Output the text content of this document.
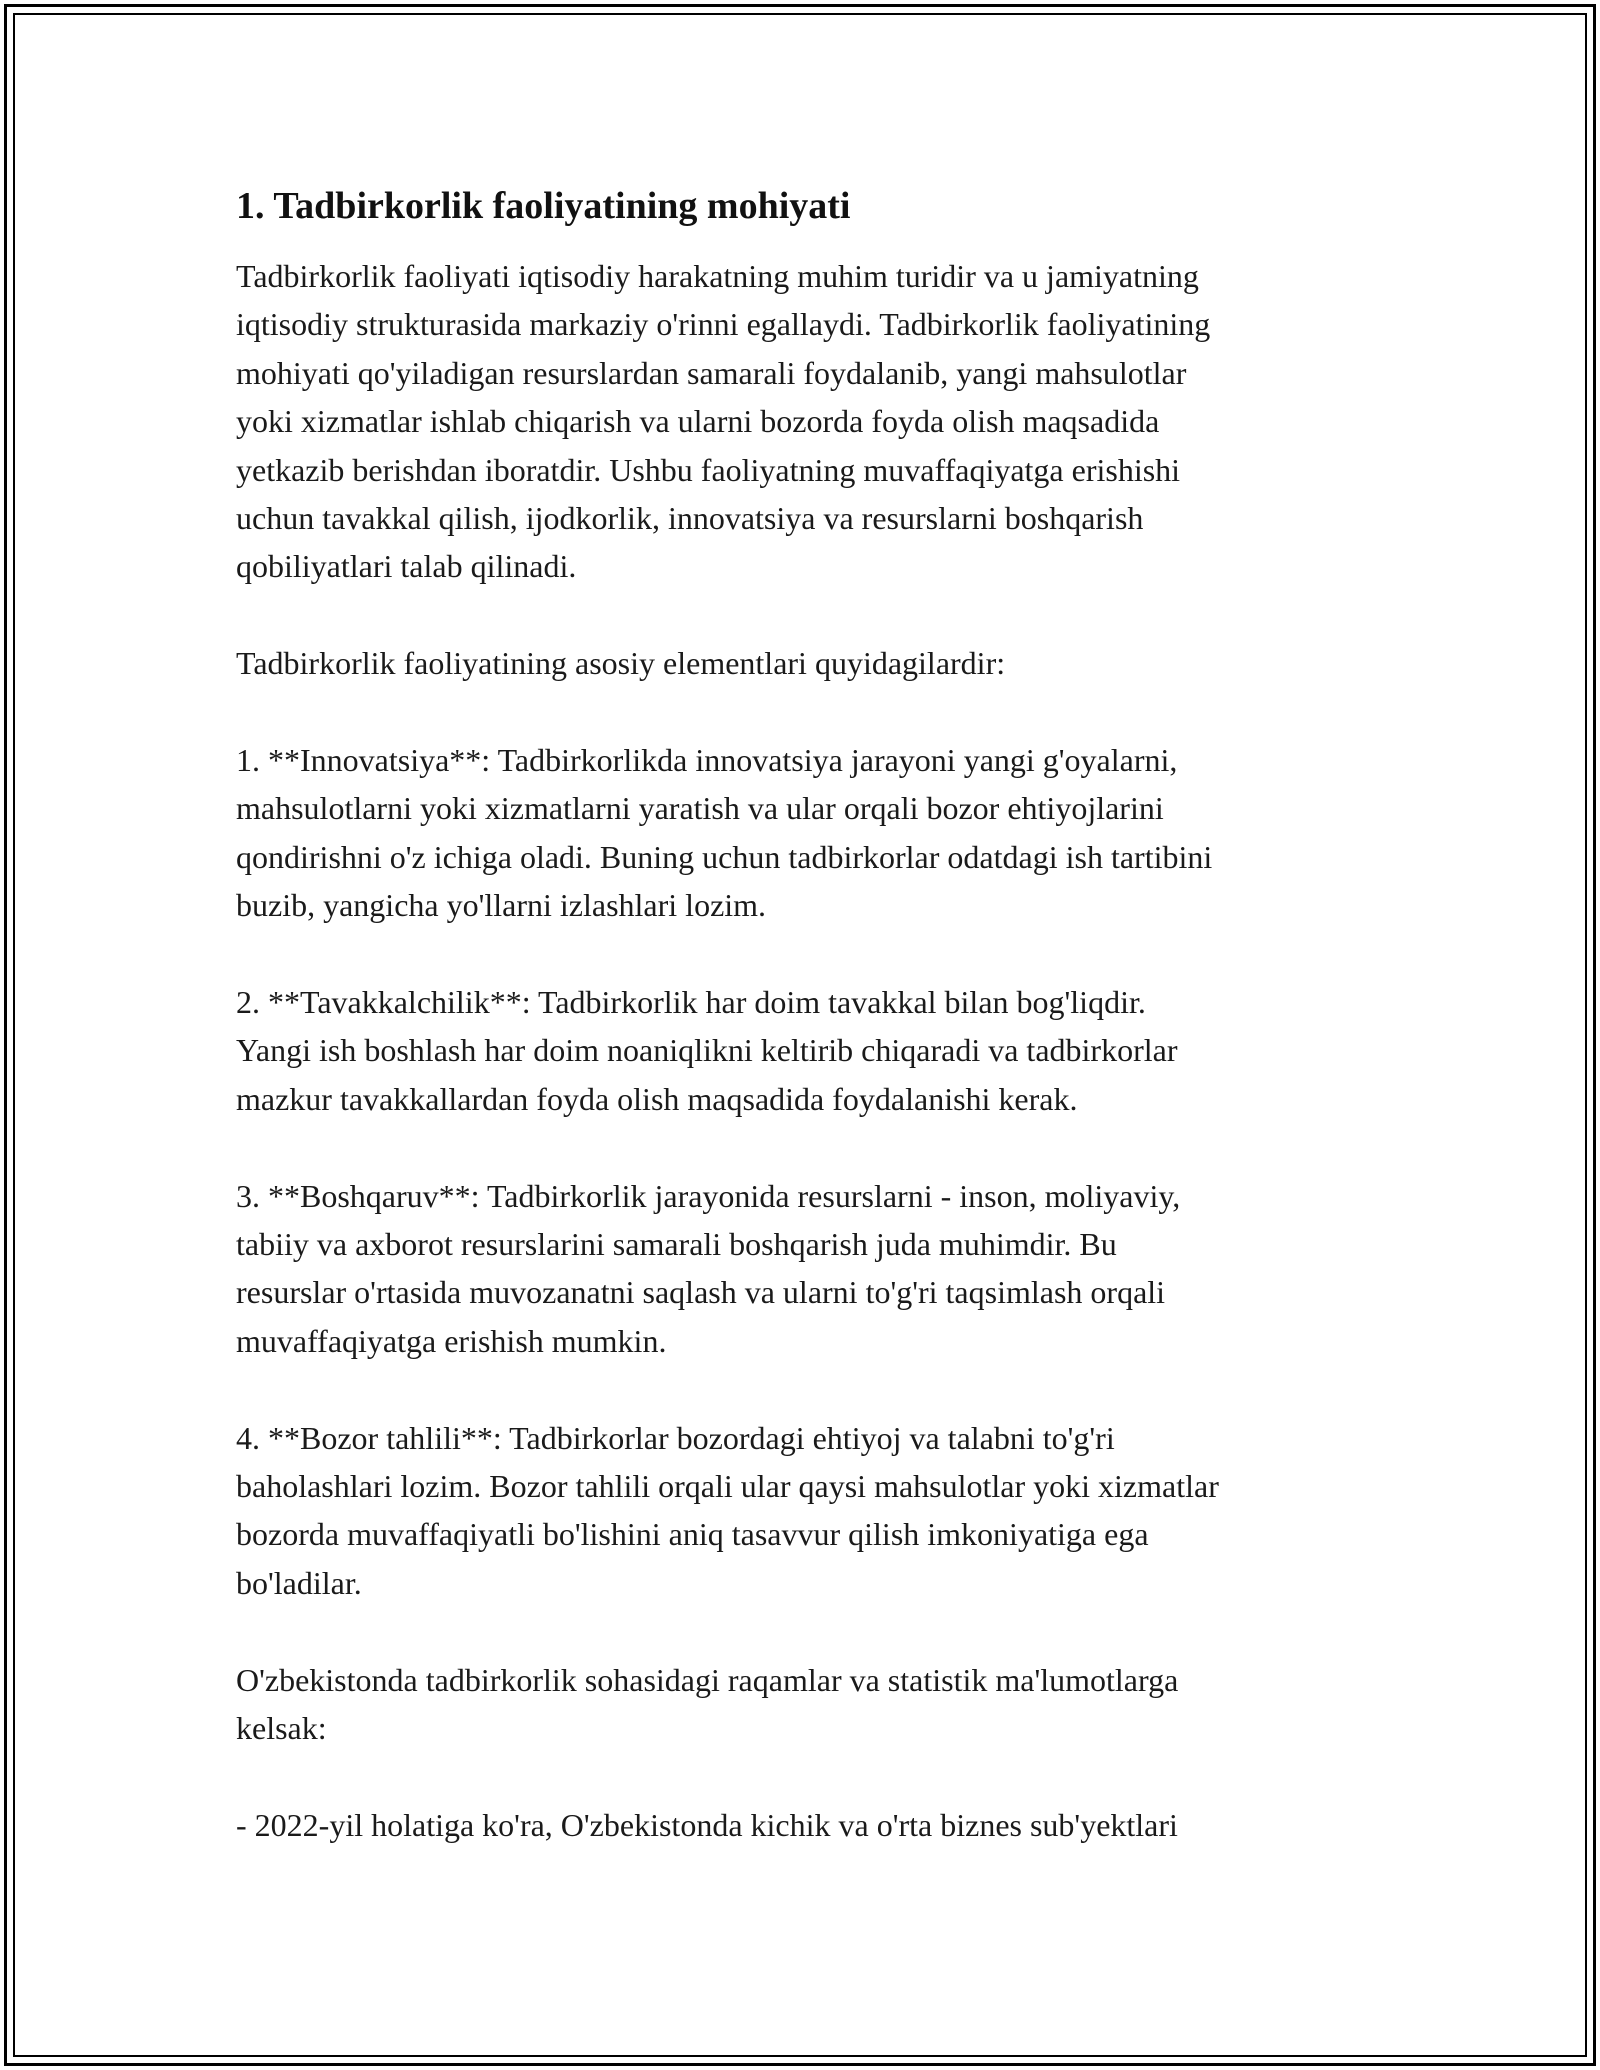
1. Tadbirkorlik faoliyatining mohiyati

Tadbirkorlik faoliyati iqtisodiy harakatning muhim turidir va u jamiyatning
iqtisodiy strukturasida markaziy o'rinni egallaydi. Tadbirkorlik faoliyatining
mohiyati qo'yiladigan resurslardan samarali foydalanib, yangi mahsulotlar
yoki xizmatlar ishlab chiqarish va ularni bozorda foyda olish maqsadida
yetkazib berishdan iboratdir. Ushbu faoliyatning muvaffaqiyatga erishishi
uchun tavakkal qilish, ijodkorlik, innovatsiya va resurslarni boshqarish
qobiliyatlari talab qilinadi.

Tadbirkorlik faoliyatining asosiy elementlari quyidagilardir:

1. **Innovatsiya**: Tadbirkorlikda innovatsiya jarayoni yangi g'oyalarni,
mahsulotlarni yoki xizmatlarni yaratish va ular orqali bozor ehtiyojlarini
qondirishni o'z ichiga oladi. Buning uchun tadbirkorlar odatdagi ish tartibini
buzib, yangicha yo'llarni izlashlari lozim.

2. **Tavakkalchilik**: Tadbirkorlik har doim tavakkal bilan bog'liqdir.
Yangi ish boshlash har doim noaniqlikni keltirib chiqaradi va tadbirkorlar
mazkur tavakkallardan foyda olish maqsadida foydalanishi kerak.

3. **Boshqaruv**: Tadbirkorlik jarayonida resurslarni - inson, moliyaviy,
tabiiy va axborot resurslarini samarali boshqarish juda muhimdir. Bu
resurslar o'rtasida muvozanatni saqlash va ularni to'g'ri taqsimlash orqali
muvaffaqiyatga erishish mumkin.

4. **Bozor tahlili**: Tadbirkorlar bozordagi ehtiyoj va talabni to'g'ri
baholashlari lozim. Bozor tahlili orqali ular qaysi mahsulotlar yoki xizmatlar
bozorda muvaffaqiyatli bo'lishini aniq tasavvur qilish imkoniyatiga ega
bo'ladilar.

O'zbekistonda tadbirkorlik sohasidagi raqamlar va statistik ma'lumotlarga
kelsak:

- 2022-yil holatiga ko'ra, O'zbekistonda kichik va o'rta biznes sub'yektlari
